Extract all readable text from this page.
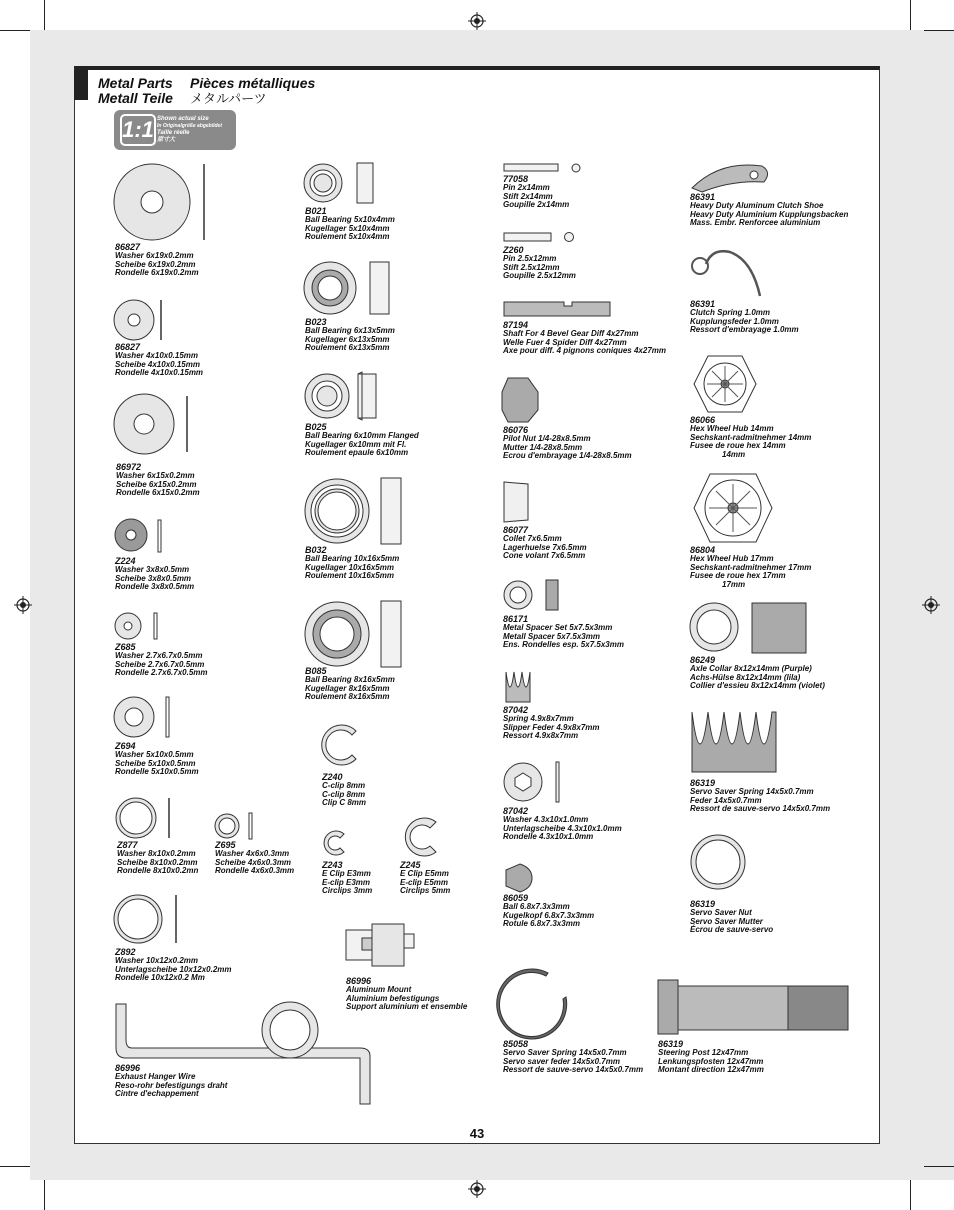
Metal Parts
Metall Teile
Pièces métalliques
メタルパーツ
1:1 Shown actual size
In Originalgröße abgebildet
Taille réelle
原寸大
86827
Washer 6x19x0.2mm
Scheibe 6x19x0.2mm
Rondelle 6x19x0.2mm
86827
Washer 4x10x0.15mm
Scheibe 4x10x0.15mm
Rondelle 4x10x0.15mm
86972
Washer 6x15x0.2mm
Scheibe 6x15x0.2mm
Rondelle 6x15x0.2mm
Z224
Washer 3x8x0.5mm
Scheibe 3x8x0.5mm
Rondelle 3x8x0.5mm
Z685
Washer 2.7x6.7x0.5mm
Scheibe 2.7x6.7x0.5mm
Rondelle 2.7x6.7x0.5mm
Z694
Washer 5x10x0.5mm
Scheibe 5x10x0.5mm
Rondelle 5x10x0.5mm
Z877
Washer 8x10x0.2mm
Scheibe 8x10x0.2mm
Rondelle 8x10x0.2mn
Z695
Washer 4x6x0.3mm
Scheibe 4x6x0.3mm
Rondelle 4x6x0.3mm
Z892
Washer 10x12x0.2mm
Unterlagscheibe 10x12x0.2mm
Rondelle 10x12x0.2 Mm
86996
Exhaust Hanger Wire
Reso-rohr befestigungs draht
Cintre d'echappement
B021
Ball Bearing 5x10x4mm
Kugellager 5x10x4mm
Roulement 5x10x4mm
B023
Ball Bearing 6x13x5mm
Kugellager 6x13x5mm
Roulement 6x13x5mm
B025
Ball Bearing 6x10mm Flanged
Kugellager 6x10mm mit Fl.
Roulement epaule 6x10mm
B032
Ball Bearing 10x16x5mm
Kugellager 10x16x5mm
Roulement 10x16x5mm
B085
Ball Bearing 8x16x5mm
Kugellager 8x16x5mm
Roulement 8x16x5mm
Z240
C-clip 8mm
C-clip 8mm
Clip C 8mm
Z243
E Clip E3mm
E-clip E3mm
Circlips 3mm
Z245
E Clip E5mm
E-clip E5mm
Circlips 5mm
86996
Aluminum Mount
Aluminium befestigungs
Support aluminium et ensemble
77058
Pin 2x14mm
Stift 2x14mm
Goupille 2x14mm
Z260
Pin 2.5x12mm
Stift 2.5x12mm
Goupille 2.5x12mm
87194
Shaft For 4 Bevel Gear Diff 4x27mm
Welle Fuer 4 Spider Diff 4x27mm
Axe pour diff. 4 pignons coniques 4x27mm
86076
Pilot Nut 1/4-28x8.5mm
Mutter 1/4-28x8.5mm
Ecrou d'embrayage 1/4-28x8.5mm
86077
Collet 7x6.5mm
Lagerhuelse 7x6.5mm
Cone volant 7x6.5mm
86171
Metal Spacer Set 5x7.5x3mm
Metall Spacer 5x7.5x3mm
Ens. Rondelles esp. 5x7.5x3mm
87042
Spring 4.9x8x7mm
Slipper Feder 4.9x8x7mm
Ressort 4.9x8x7mm
87042
Washer 4.3x10x1.0mm
Unterlagscheibe 4.3x10x1.0mm
Rondelle 4.3x10x1.0mm
86059
Ball 6.8x7.3x3mm
Kugelkopf 6.8x7.3x3mm
Rotule 6.8x7.3x3mm
85058
Servo Saver Spring 14x5x0.7mm
Servo saver feder 14x5x0.7mm
Ressort de sauve-servo 14x5x0.7mm
86391
Heavy Duty Aluminum Clutch Shoe
Heavy Duty Aluminium Kupplungsbacken
Mass. Embr. Renforcee aluminium
86391
Clutch Spring 1.0mm
Kupplungsfeder 1.0mm
Ressort d'embrayage 1.0mm
86066
Hex Wheel Hub 14mm
Sechskant-radmitnehmer 14mm
Fusee de roue hex 14mm
14mm
86804
Hex Wheel Hub 17mm
Sechskant-radmitnehmer 17mm
Fusee de roue hex 17mm
17mm
86249
Axle Collar 8x12x14mm (Purple)
Achs-Hülse 8x12x14mm (lila)
Collier d'essieu 8x12x14mm (violet)
86319
Servo Saver Spring 14x5x0.7mm
Feder 14x5x0.7mm
Ressort de sauve-servo 14x5x0.7mm
86319
Servo Saver Nut
Servo Saver Mutter
Écrou de sauve-servo
86319
Steering Post 12x47mm
Lenkungspfosten 12x47mm
Montant direction 12x47mm
43
